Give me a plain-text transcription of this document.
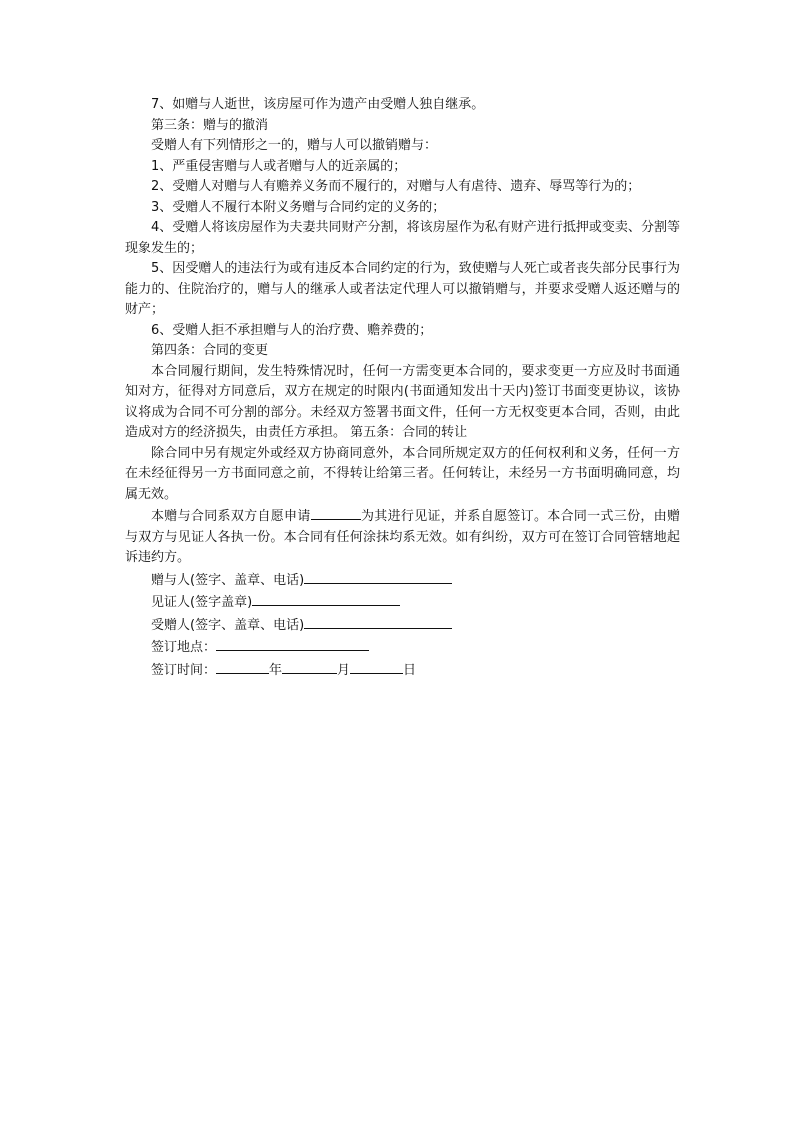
7、如赠与人逝世，该房屋可作为遗产由受赠人独自继承。

第三条：赠与的撤消

受赠人有下列情形之一的，赠与人可以撤销赠与：

1、严重侵害赠与人或者赠与人的近亲属的；

2、受赠人对赠与人有赡养义务而不履行的，对赠与人有虐待、遗弃、辱骂等行为的；

3、受赠人不履行本附义务赠与合同约定的义务的；

4、受赠人将该房屋作为夫妻共同财产分割，将该房屋作为私有财产进行抵押或变卖、分割等现象发生的；

5、因受赠人的违法行为或有违反本合同约定的行为，致使赠与人死亡或者丧失部分民事行为能力的、住院治疗的，赠与人的继承人或者法定代理人可以撤销赠与，并要求受赠人返还赠与的财产；

6、受赠人拒不承担赠与人的治疗费、赡养费的；

第四条：合同的变更

本合同履行期间，发生特殊情况时，任何一方需变更本合同的，要求变更一方应及时书面通知对方，征得对方同意后，双方在规定的时限内(书面通知发出十天内)签订书面变更协议，该协议将成为合同不可分割的部分。未经双方签署书面文件，任何一方无权变更本合同，否则，由此造成对方的经济损失，由责任方承担。 第五条：合同的转让

除合同中另有规定外或经双方协商同意外，本合同所规定双方的任何权利和义务，任何一方在未经征得另一方书面同意之前，不得转让给第三者。任何转让，未经另一方书面明确同意，均属无效。

本赠与合同系双方自愿申请	为其进行见证，并系自愿签订。本合同一式三份，由赠与双方与见证人各执一份。本合同有任何涂抹均系无效。如有纠纷，双方可在签订合同管辖地起诉违约方。

赠与人(签字、盖章、电话)

见证人(签字盖章)

受赠人(签字、盖章、电话)

签订地点：

签订时间：	年	月	日
